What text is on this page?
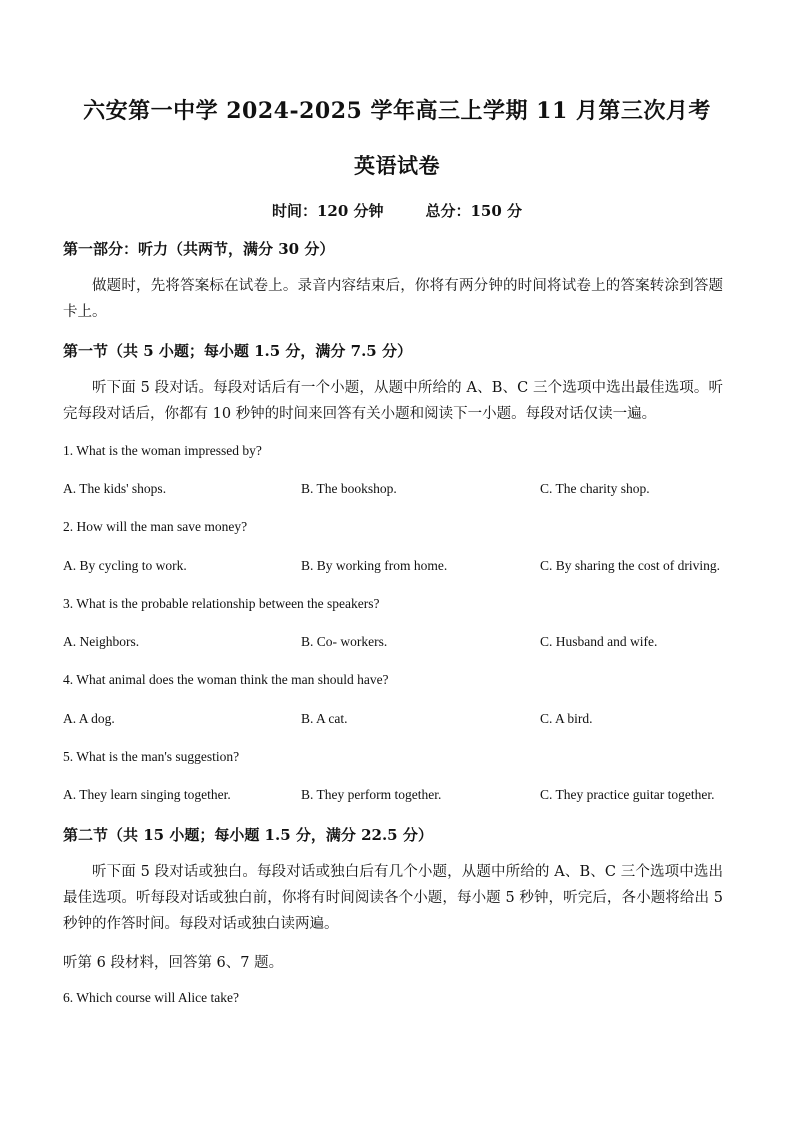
六安第一中学 2024-2025 学年高三上学期 11 月第三次月考
英语试卷
时间：120 分钟	总分：150 分
第一部分：听力（共两节，满分 30 分）
做题时，先将答案标在试卷上。录音内容结束后，你将有两分钟的时间将试卷上的答案转涂到答题卡上。
第一节（共 5 小题；每小题 1.5 分，满分 7.5 分）
听下面 5 段对话。每段对话后有一个小题，从题中所给的 A、B、C 三个选项中选出最佳选项。听完每段对话后，你都有 10 秒钟的时间来回答有关小题和阅读下一小题。每段对话仅读一遍。
1. What is the woman impressed by?
A. The kids' shops.	B. The bookshop.	C. The charity shop.
2. How will the man save money?
A. By cycling to work.	B. By working from home.	C. By sharing the cost of driving.
3. What is the probable relationship between the speakers?
A. Neighbors.	B. Co- workers.	C. Husband and wife.
4. What animal does the woman think the man should have?
A. A dog.	B. A cat.	C. A bird.
5. What is the man's suggestion?
A. They learn singing together.	B. They perform together.	C. They practice guitar together.
第二节（共 15 小题；每小题 1.5 分，满分 22.5 分）
听下面 5 段对话或独白。每段对话或独白后有几个小题，从题中所给的 A、B、C 三个选项中选出最佳选项。听每段对话或独白前，你将有时间阅读各个小题，每小题 5 秒钟，听完后，各小题将给出 5 秒钟的作答时间。每段对话或独白读两遍。
听第 6 段材料，回答第 6、7 题。
6. Which course will Alice take?
